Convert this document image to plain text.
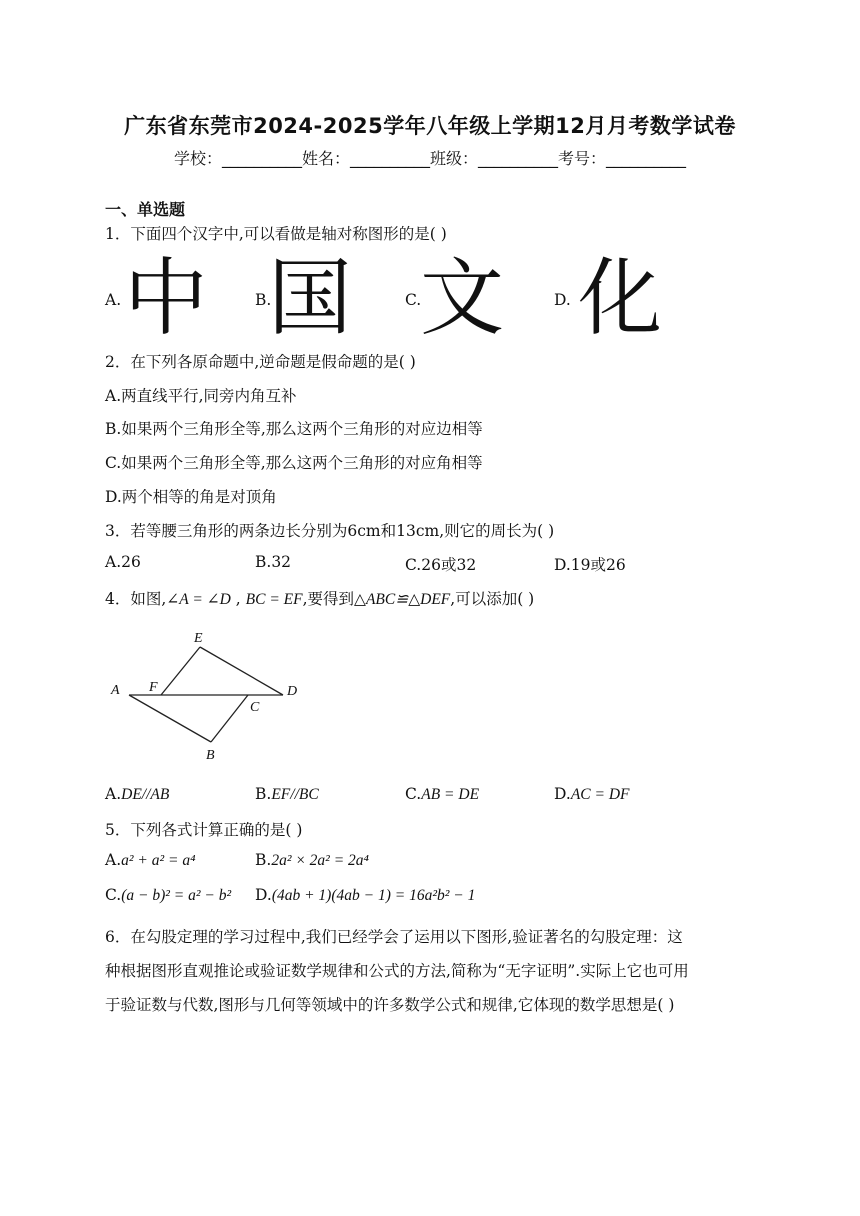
广东省东莞市2024-2025学年八年级上学期12月月考数学试卷
学校：__________姓名：__________班级：__________考号：__________
一、单选题
1．下面四个汉字中,可以看做是轴对称图形的是( )
A. 中	B.
国	C.
文	D. 化
2．在下列各原命题中,逆命题是假命题的是( )
A.两直线平行,同旁内角互补
B.如果两个三角形全等,那么这两个三角形的对应边相等
C.如果两个三角形全等,那么这两个三角形的对应角相等
D.两个相等的角是对顶角
3．若等腰三角形的两条边长分别为6cm和13cm,则它的周长为( )
A.26	B.32	C.26或32	D.19或26
4．如图,∠A = ∠D , BC = EF,要得到△ABC≌△DEF,可以添加( )
A F
E
D
C
B
A.DE//AB	B.EF//BC	C.AB = DE	D.AC = DF
5．下列各式计算正确的是( )
A.a² + a² = a⁴	B.2a² × 2a² = 2a⁴
C.(a − b)² = a² − b² D.(4ab + 1)(4ab − 1) = 16a²b² − 1
6．在勾股定理的学习过程中,我们已经学会了运用以下图形,验证著名的勾股定理：这
种根据图形直观推论或验证数学规律和公式的方法,简称为“无字证明”.实际上它也可用
于验证数与代数,图形与几何等领域中的许多数学公式和规律,它体现的数学思想是( )
